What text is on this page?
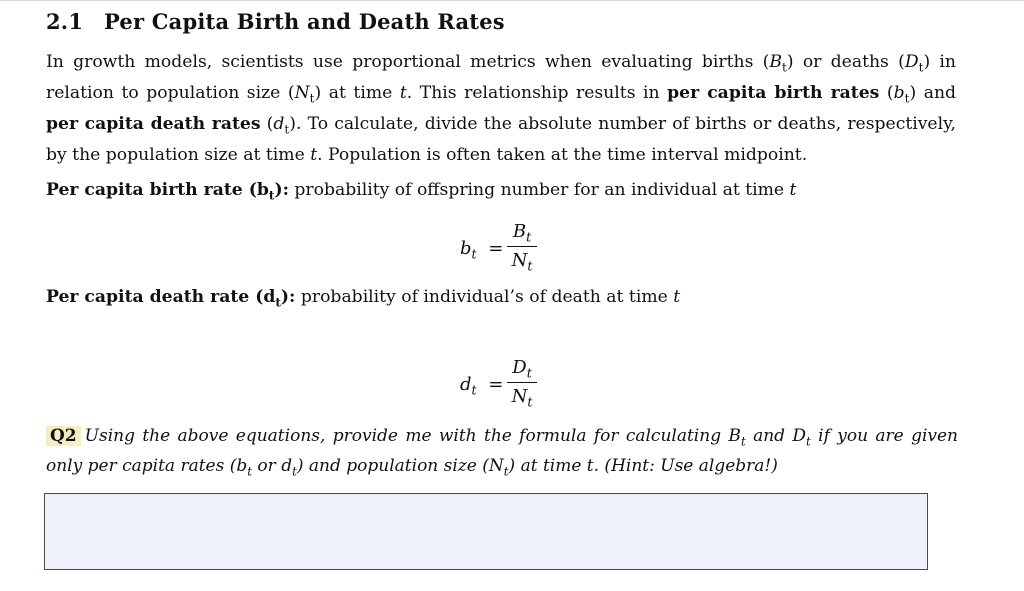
2.1 Per Capita Birth and Death Rates
In growth models, scientists use proportional metrics when evaluating births $(B_t)$ or deaths $(D_t)$ in relation to population size $(N_t)$ at time t. This relationship results in per capita birth rates $(b_t)$ and per capita death rates $(d_t)$. To calculate, divide the absolute number of births or deaths, respectively, by the population size at time t. Population is often taken at the time interval midpoint.
Per capita birth rate $(b_t)$: probability of offspring number for an individual at time t
$b_t$ =
$B_t$
$N_t$
Per capita death rate $(d_t)$: probability of individual’s of death at time t
$d_t$ =
$D_t$
$N_t$
Q2 Using the above equations, provide me with the formula for calculating $B_t$ and $D_t$ if you are given only per capita rates ($b_t$ or $d_t$) and population size $(N_t)$ at time t. (Hint: Use algebra!)
